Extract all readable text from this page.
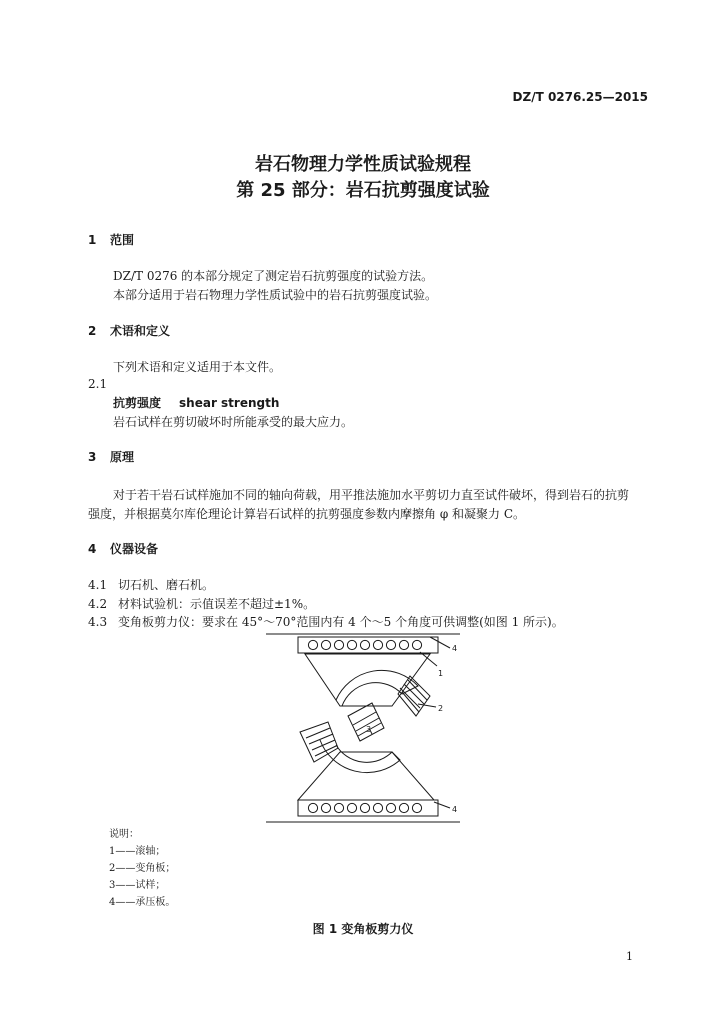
DZ/T 0276.25—2015
岩石物理力学性质试验规程
第 25 部分：岩石抗剪强度试验
1 范围
DZ/T 0276 的本部分规定了测定岩石抗剪强度的试验方法。
本部分适用于岩石物理力学性质试验中的岩石抗剪强度试验。
2 术语和定义
下列术语和定义适用于本文件。
2.1
抗剪强度 shear strength
岩石试样在剪切破坏时所能承受的最大应力。
3 原理
对于若干岩石试样施加不同的轴向荷载，用平推法施加水平剪切力直至试件破坏，得到岩石的抗剪
强度，并根据莫尔库伦理论计算岩石试样的抗剪强度参数内摩擦角 φ 和凝聚力 C。
4 仪器设备
4.1 切石机、磨石机。
4.2 材料试验机：示值误差不超过±1%。
4.3 变角板剪力仪：要求在 45°～70°范围内有 4 个～5 个角度可供调整(如图 1 所示)。
4
1
2
3
4
说明：
1——滚轴；
2——变角板；
3——试样；
4——承压板。
图 1 变角板剪力仪
1
